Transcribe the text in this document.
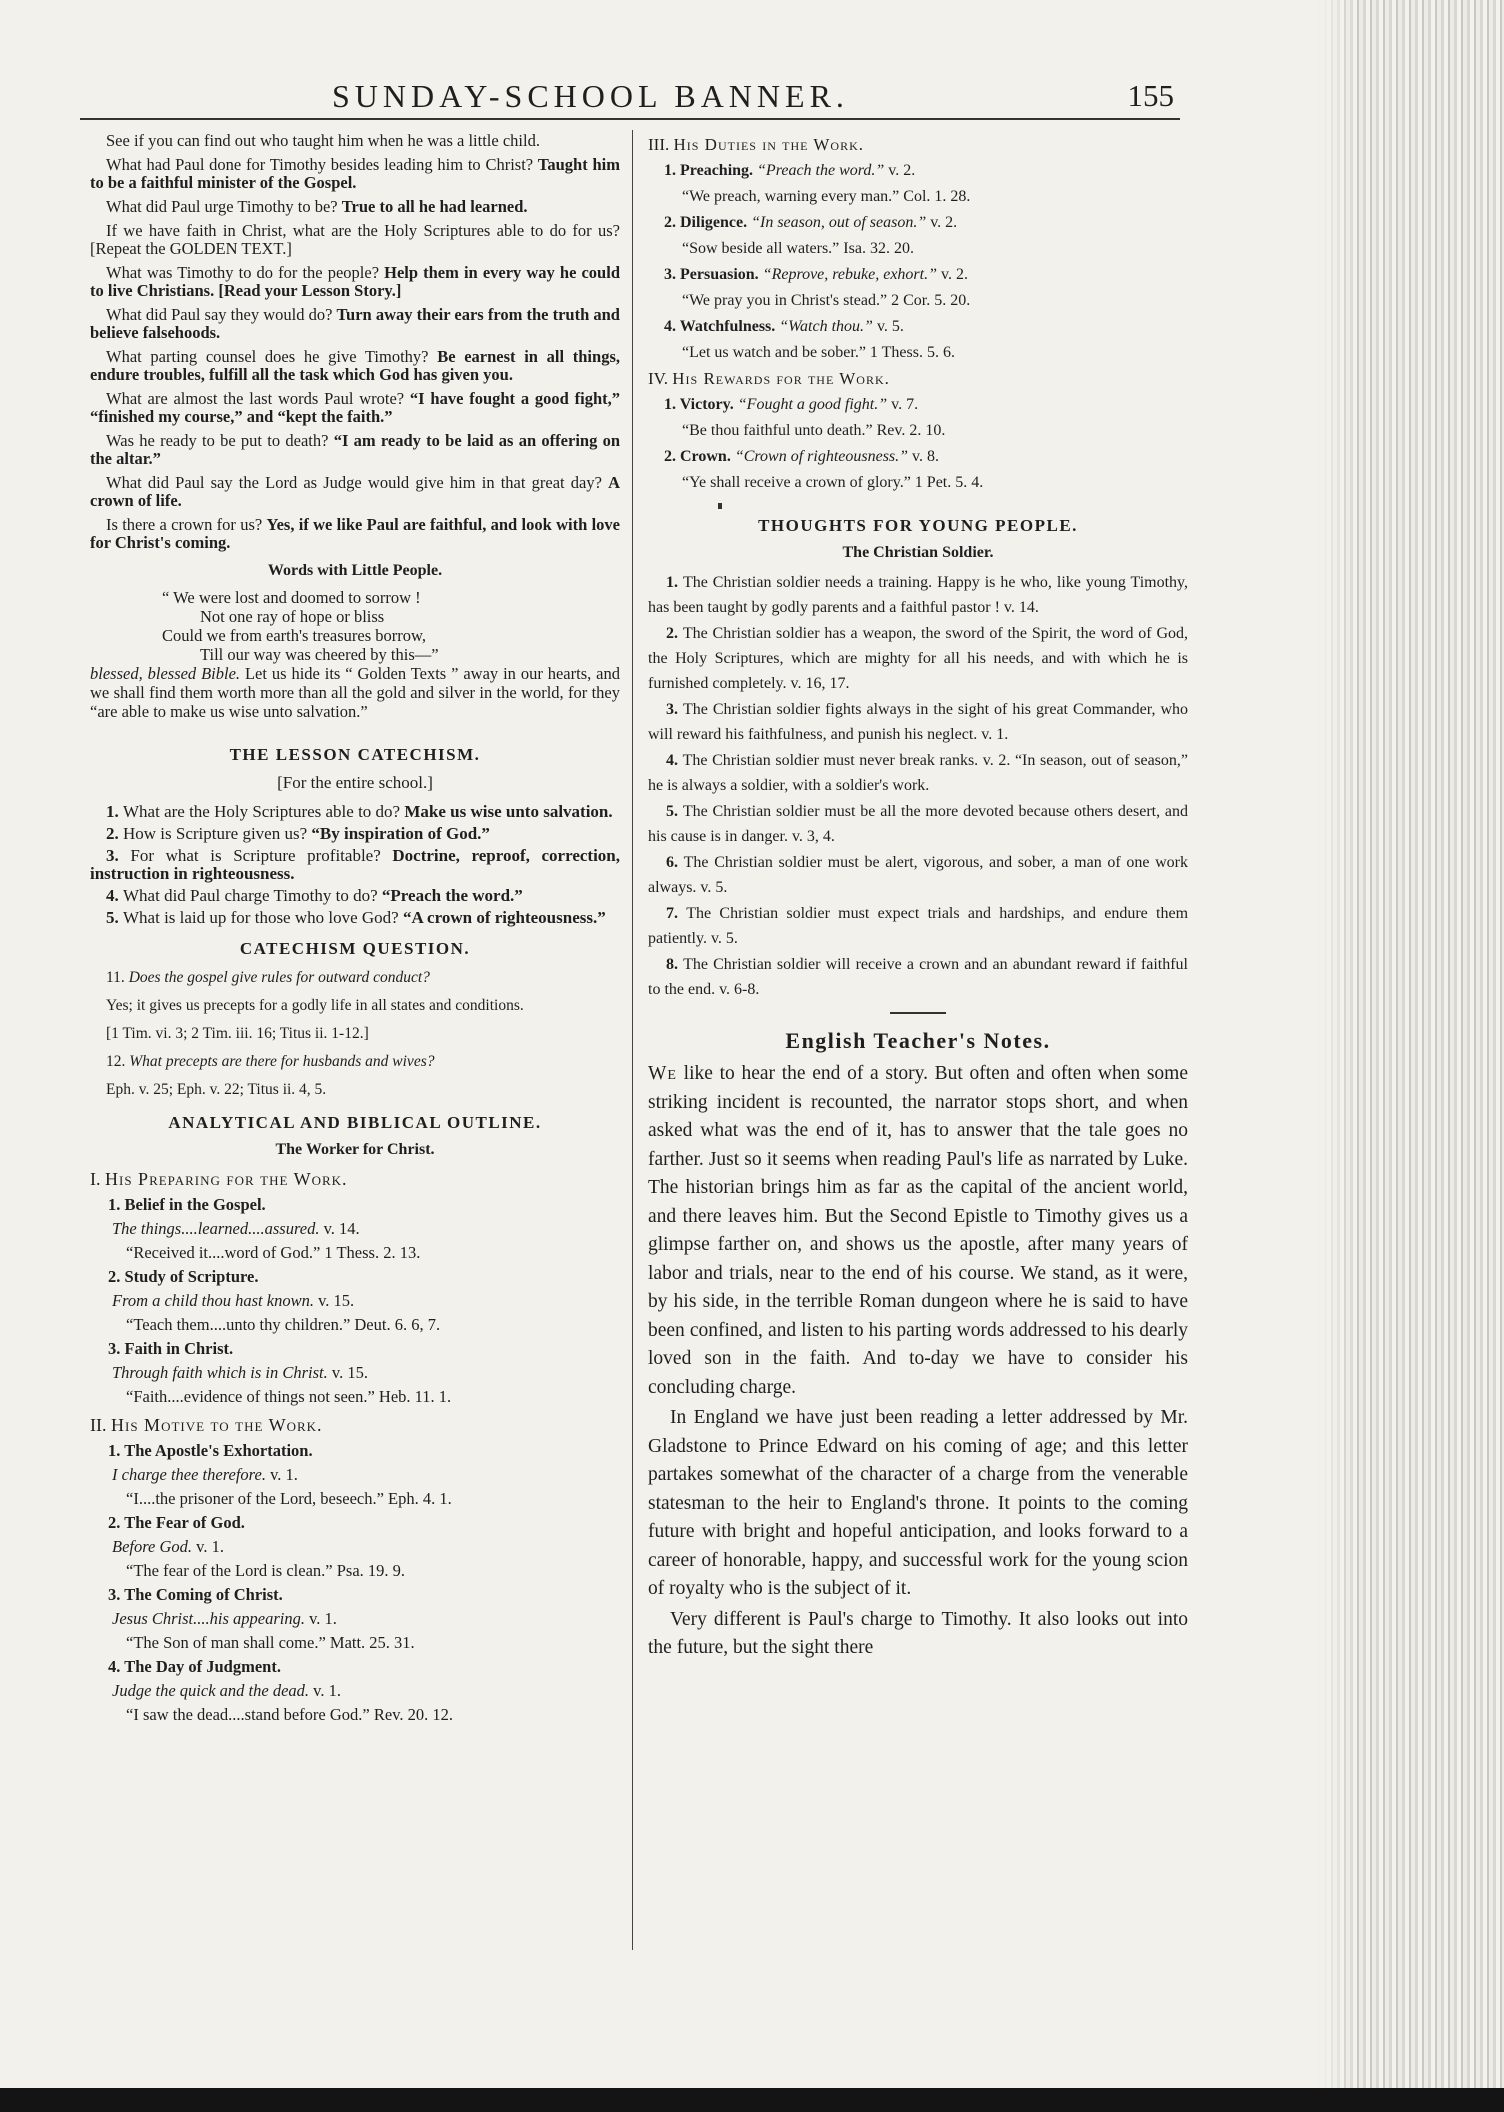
SUNDAY-SCHOOL BANNER.	155

See if you can find out who taught him when he was a little child.

What had Paul done for Timothy besides leading him to Christ? Taught him to be a faithful minister of the Gospel.

What did Paul urge Timothy to be? True to all he had learned.

If we have faith in Christ, what are the Holy Scriptures able to do for us? [Repeat the GOLDEN TEXT.]

What was Timothy to do for the people? Help them in every way he could to live Christians. [Read your Lesson Story.]

What did Paul say they would do? Turn away their ears from the truth and believe falsehoods.

What parting counsel does he give Timothy? Be earnest in all things, endure troubles, fulfill all the task which God has given you.

What are almost the last words Paul wrote? “I have fought a good fight,” “finished my course,” and “kept the faith.”

Was he ready to be put to death? “I am ready to be laid as an offering on the altar.”

What did Paul say the Lord as Judge would give him in that great day? A crown of life.

Is there a crown for us? Yes, if we like Paul are faithful, and look with love for Christ's coming.

Words with Little People.
“ We were lost and doomed to sorrow !
Not one ray of hope or bliss
Could we from earth's treasures borrow,
Till our way was cheered by this—”
blessed, blessed Bible. Let us hide its “ Golden Texts ” away in our hearts, and we shall find them worth more than all the gold and silver in the world, for they “are able to make us wise unto salvation.”
THE LESSON CATECHISM.
[For the entire school.]

1. What are the Holy Scriptures able to do? Make us wise unto salvation.

2. How is Scripture given us? “By inspiration of God.”

3. For what is Scripture profitable? Doctrine, reproof, correction, instruction in righteousness.

4. What did Paul charge Timothy to do? “Preach the word.”

5. What is laid up for those who love God? “A crown of righteousness.”

CATECHISM QUESTION.

11. Does the gospel give rules for outward conduct?

Yes; it gives us precepts for a godly life in all states and conditions.

[1 Tim. vi. 3; 2 Tim. iii. 16; Titus ii. 1-12.]

12. What precepts are there for husbands and wives?

Eph. v. 25; Eph. v. 22; Titus ii. 4, 5.

ANALYTICAL AND BIBLICAL OUTLINE.
The Worker for Christ.
I. His Preparing for the Work.
1. Belief in the Gospel.
The things....learned....assured. v. 14.
“Received it....word of God.” 1 Thess. 2. 13.
2. Study of Scripture.
From a child thou hast known. v. 15.
“Teach them....unto thy children.” Deut. 6. 6, 7.
3. Faith in Christ.
Through faith which is in Christ. v. 15.
“Faith....evidence of things not seen.” Heb. 11. 1.
II. His Motive to the Work.
1. The Apostle's Exhortation.
I charge thee therefore. v. 1.
“I....the prisoner of the Lord, beseech.” Eph. 4. 1.
2. The Fear of God.
Before God. v. 1.
“The fear of the Lord is clean.” Psa. 19. 9.
3. The Coming of Christ.
Jesus Christ....his appearing. v. 1.
“The Son of man shall come.” Matt. 25. 31.
4. The Day of Judgment.
Judge the quick and the dead. v. 1.
“I saw the dead....stand before God.” Rev. 20. 12.
III. His Duties in the Work.
1. Preaching. “Preach the word.” v. 2.
“We preach, warning every man.” Col. 1. 28.
2. Diligence. “In season, out of season.” v. 2.
“Sow beside all waters.” Isa. 32. 20.
3. Persuasion. “Reprove, rebuke, exhort.” v. 2.
“We pray you in Christ's stead.” 2 Cor. 5. 20.
4. Watchfulness. “Watch thou.” v. 5.
“Let us watch and be sober.” 1 Thess. 5. 6.
IV. His Rewards for the Work.
1. Victory. “Fought a good fight.” v. 7.
“Be thou faithful unto death.” Rev. 2. 10.
2. Crown. “Crown of righteousness.” v. 8.
“Ye shall receive a crown of glory.” 1 Pet. 5. 4.
THOUGHTS FOR YOUNG PEOPLE.
The Christian Soldier.

1. The Christian soldier needs a training. Happy is he who, like young Timothy, has been taught by godly parents and a faithful pastor ! v. 14.

2. The Christian soldier has a weapon, the sword of the Spirit, the word of God, the Holy Scriptures, which are mighty for all his needs, and with which he is furnished completely. v. 16, 17.

3. The Christian soldier fights always in the sight of his great Commander, who will reward his faithfulness, and punish his neglect. v. 1.

4. The Christian soldier must never break ranks. v. 2. “In season, out of season,” he is always a soldier, with a soldier's work.

5. The Christian soldier must be all the more devoted because others desert, and his cause is in danger. v. 3, 4.

6. The Christian soldier must be alert, vigorous, and sober, a man of one work always. v. 5.

7. The Christian soldier must expect trials and hardships, and endure them patiently. v. 5.

8. The Christian soldier will receive a crown and an abundant reward if faithful to the end. v. 6-8.

English Teacher's Notes.

We like to hear the end of a story. But often and often when some striking incident is recounted, the narrator stops short, and when asked what was the end of it, has to answer that the tale goes no farther. Just so it seems when reading Paul's life as narrated by Luke. The historian brings him as far as the capital of the ancient world, and there leaves him. But the Second Epistle to Timothy gives us a glimpse farther on, and shows us the apostle, after many years of labor and trials, near to the end of his course. We stand, as it were, by his side, in the terrible Roman dungeon where he is said to have been confined, and listen to his parting words addressed to his dearly loved son in the faith. And to-day we have to consider his concluding charge.

In England we have just been reading a letter addressed by Mr. Gladstone to Prince Edward on his coming of age; and this letter partakes somewhat of the character of a charge from the venerable statesman to the heir to England's throne. It points to the coming future with bright and hopeful anticipation, and looks forward to a career of honorable, happy, and successful work for the young scion of royalty who is the subject of it.

Very different is Paul's charge to Timothy. It also looks out into the future, but the sight there
